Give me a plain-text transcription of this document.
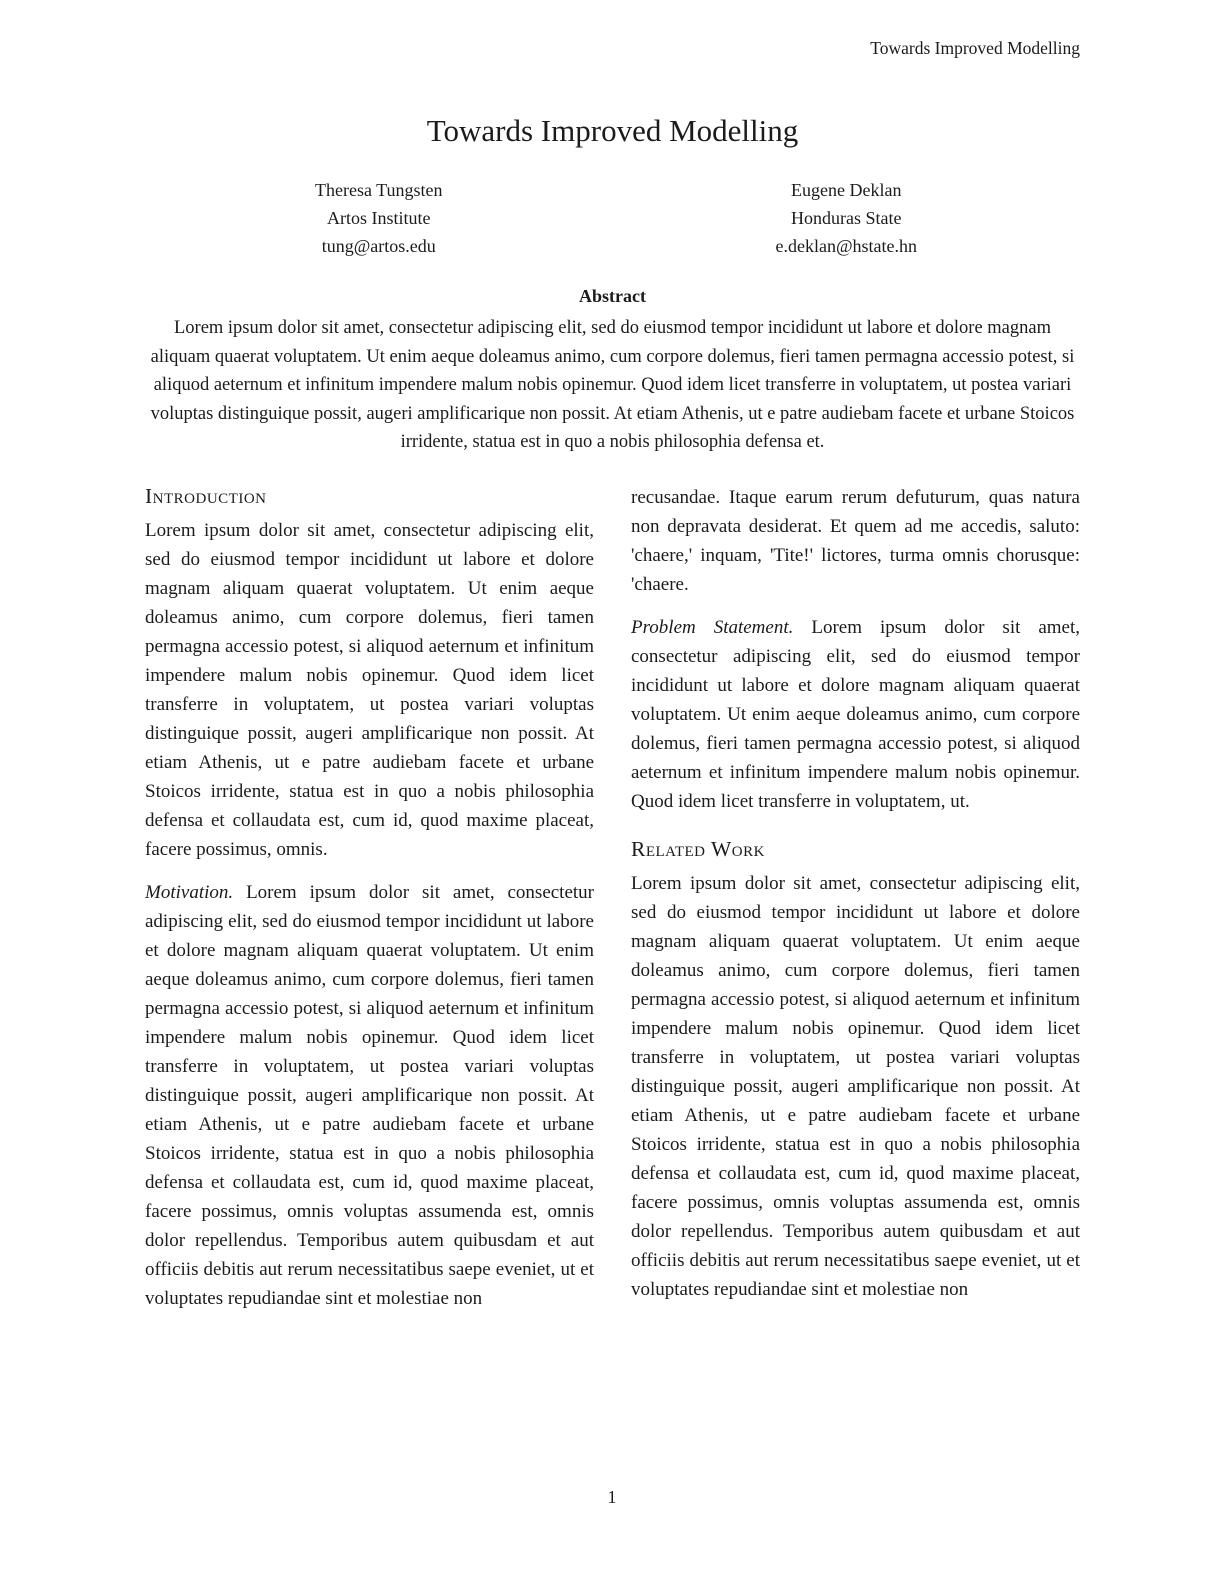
Towards Improved Modelling
Towards Improved Modelling
Theresa Tungsten
Artos Institute
tung@artos.edu
Eugene Deklan
Honduras State
e.deklan@hstate.hn
Abstract
Lorem ipsum dolor sit amet, consectetur adipiscing elit, sed do eiusmod tempor incididunt ut labore et dolore magnam aliquam quaerat voluptatem. Ut enim aeque doleamus animo, cum corpore dolemus, fieri tamen permagna accessio potest, si aliquod aeternum et infinitum impendere malum nobis opinemur. Quod idem licet transferre in voluptatem, ut postea variari voluptas distinguique possit, augeri amplificarique non possit. At etiam Athenis, ut e patre audiebam facete et urbane Stoicos irridente, statua est in quo a nobis philosophia defensa et.
Introduction

Lorem ipsum dolor sit amet, consectetur adipiscing elit, sed do eiusmod tempor incididunt ut labore et dolore magnam aliquam quaerat voluptatem. Ut enim aeque doleamus animo, cum corpore dolemus, fieri tamen permagna accessio potest, si aliquod aeternum et infinitum impendere malum nobis opinemur. Quod idem licet transferre in voluptatem, ut postea variari voluptas distinguique possit, augeri amplificarique non possit. At etiam Athenis, ut e patre audiebam facete et urbane Stoicos irridente, statua est in quo a nobis philosophia defensa et collaudata est, cum id, quod maxime placeat, facere possimus, omnis.

Motivation. Lorem ipsum dolor sit amet, consectetur adipiscing elit, sed do eiusmod tempor incididunt ut labore et dolore magnam aliquam quaerat voluptatem. Ut enim aeque doleamus animo, cum corpore dolemus, fieri tamen permagna accessio potest, si aliquod aeternum et infinitum impendere malum nobis opinemur. Quod idem licet transferre in voluptatem, ut postea variari voluptas distinguique possit, augeri amplificarique non possit. At etiam Athenis, ut e patre audiebam facete et urbane Stoicos irridente, statua est in quo a nobis philosophia defensa et collaudata est, cum id, quod maxime placeat, facere possimus, omnis voluptas assumenda est, omnis dolor repellendus. Temporibus autem quibusdam et aut officiis debitis aut rerum necessitatibus saepe eveniet, ut et voluptates repudiandae sint et molestiae non

recusandae. Itaque earum rerum defuturum, quas natura non depravata desiderat. Et quem ad me accedis, saluto: 'chaere,' inquam, 'Tite!' lictores, turma omnis chorusque: 'chaere.

Problem Statement. Lorem ipsum dolor sit amet, consectetur adipiscing elit, sed do eiusmod tempor incididunt ut labore et dolore magnam aliquam quaerat voluptatem. Ut enim aeque doleamus animo, cum corpore dolemus, fieri tamen permagna accessio potest, si aliquod aeternum et infinitum impendere malum nobis opinemur. Quod idem licet transferre in voluptatem, ut.

Related Work

Lorem ipsum dolor sit amet, consectetur adipiscing elit, sed do eiusmod tempor incididunt ut labore et dolore magnam aliquam quaerat voluptatem. Ut enim aeque doleamus animo, cum corpore dolemus, fieri tamen permagna accessio potest, si aliquod aeternum et infinitum impendere malum nobis opinemur. Quod idem licet transferre in voluptatem, ut postea variari voluptas distinguique possit, augeri amplificarique non possit. At etiam Athenis, ut e patre audiebam facete et urbane Stoicos irridente, statua est in quo a nobis philosophia defensa et collaudata est, cum id, quod maxime placeat, facere possimus, omnis voluptas assumenda est, omnis dolor repellendus. Temporibus autem quibusdam et aut officiis debitis aut rerum necessitatibus saepe eveniet, ut et voluptates repudiandae sint et molestiae non

1
